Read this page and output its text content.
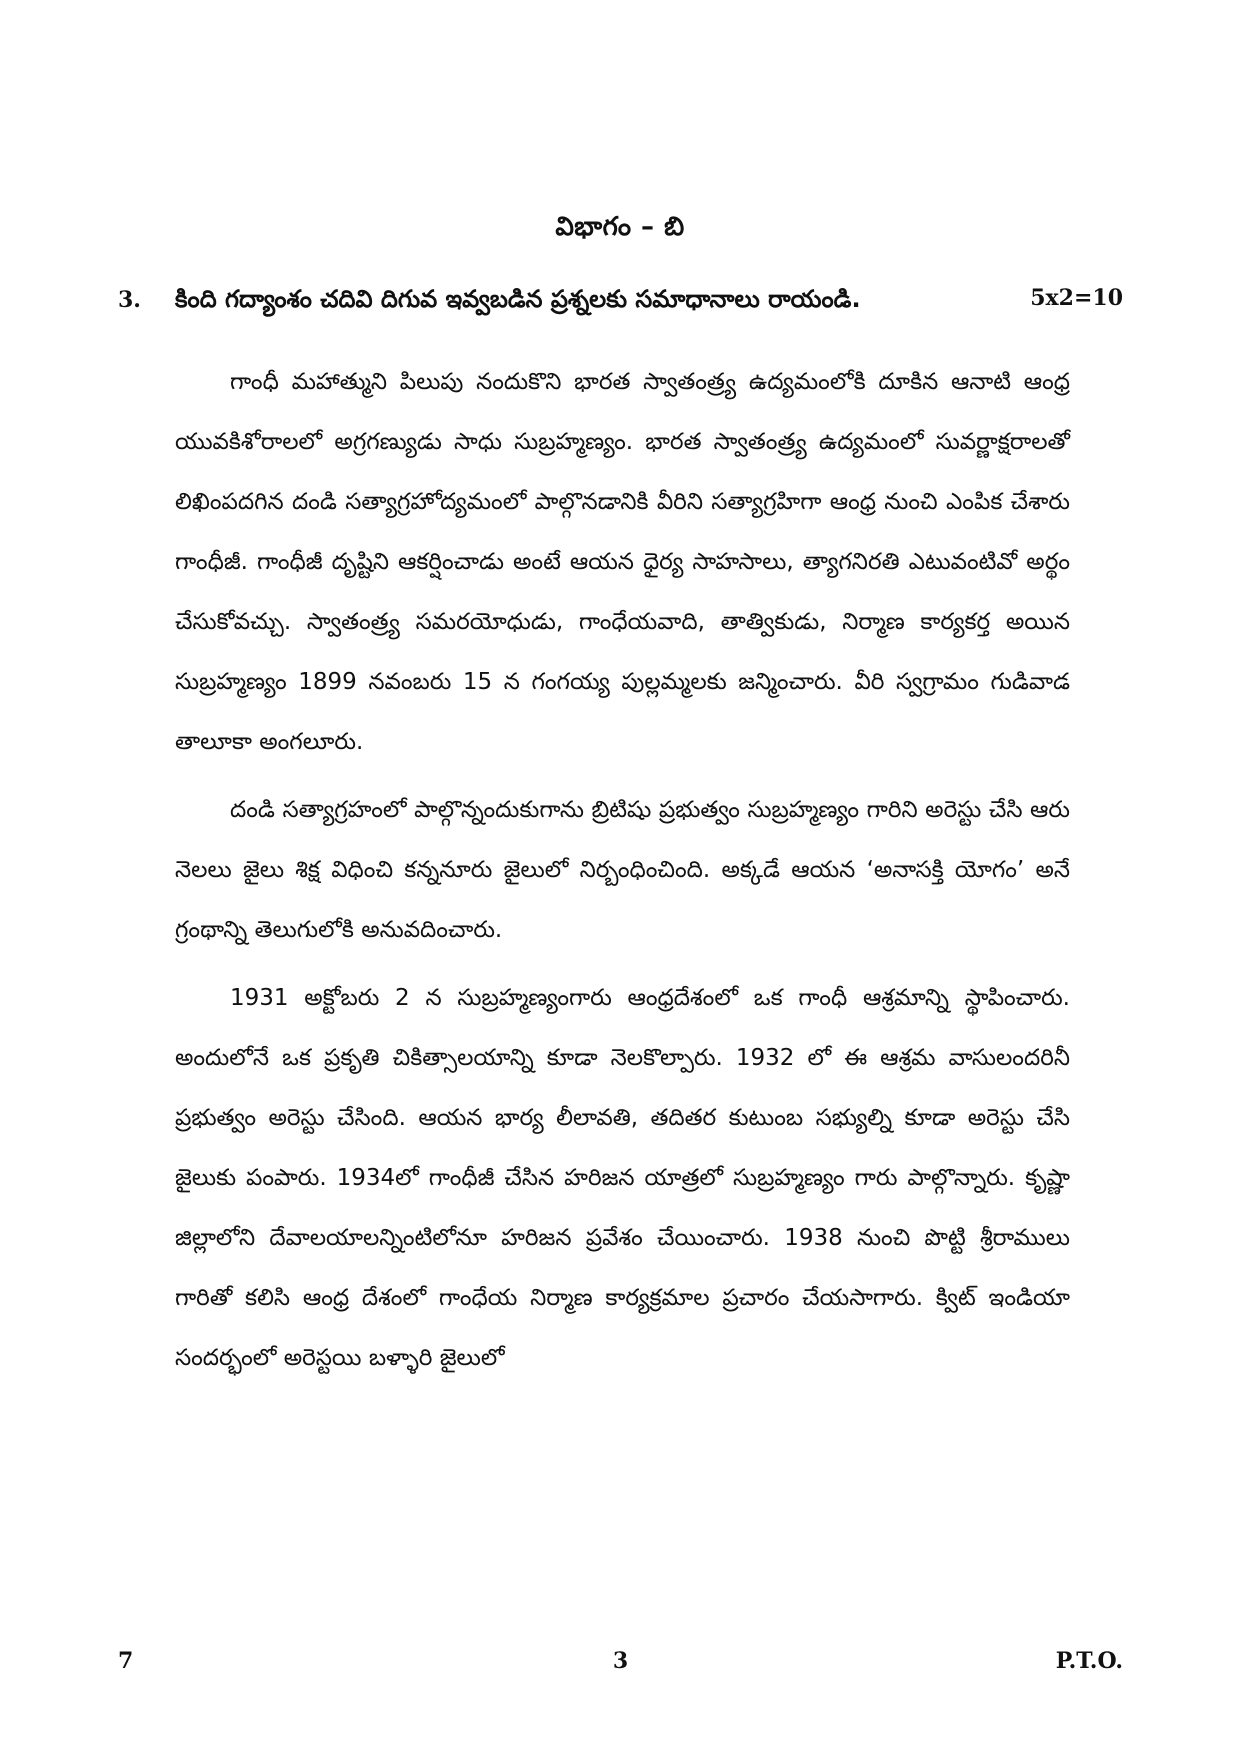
విభాగం – బి
3. కింది గద్యాంశం చదివి దిగువ ఇవ్వబడిన ప్రశ్నలకు సమాధానాలు రాయండి.	5x2=10

గాంధీ మహాత్ముని పిలుపు నందుకొని భారత స్వాతంత్ర్య ఉద్యమంలోకి దూకిన ఆనాటి ఆంధ్ర యువకిశోరాలలో అగ్రగణ్యుడు సాధు సుబ్రహ్మణ్యం. భారత స్వాతంత్ర్య ఉద్యమంలో సువర్ణాక్షరాలతో లిఖింపదగిన దండి సత్యాగ్రహోద్యమంలో పాల్గొనడానికి వీరిని సత్యాగ్రహిగా ఆంధ్ర నుంచి ఎంపిక చేశారు గాంధీజీ. గాంధీజీ దృష్టిని ఆకర్షించాడు అంటే ఆయన ధైర్య సాహసాలు, త్యాగనిరతి ఎటువంటివో అర్థం చేసుకోవచ్చు. స్వాతంత్ర్య సమరయోధుడు, గాంధేయవాది, తాత్వికుడు, నిర్మాణ కార్యకర్త అయిన సుబ్రహ్మణ్యం 1899 నవంబరు 15 న గంగయ్య పుల్లమ్మలకు జన్మించారు. వీరి స్వగ్రామం గుడివాడ తాలూకా అంగలూరు.

దండి సత్యాగ్రహంలో పాల్గొన్నందుకుగాను బ్రిటిషు ప్రభుత్వం సుబ్రహ్మణ్యం గారిని అరెస్టు చేసి ఆరు నెలలు జైలు శిక్ష విధించి కన్ననూరు జైలులో నిర్బంధించింది. అక్కడే ఆయన ‘అనాసక్తి యోగం’ అనే గ్రంథాన్ని తెలుగులోకి అనువదించారు.

1931 అక్టోబరు 2 న సుబ్రహ్మణ్యంగారు ఆంధ్రదేశంలో ఒక గాంధీ ఆశ్రమాన్ని స్థాపించారు. అందులోనే ఒక ప్రకృతి చికిత్సాలయాన్ని కూడా నెలకొల్పారు. 1932 లో ఈ ఆశ్రమ వాసులందరినీ ప్రభుత్వం అరెస్టు చేసింది. ఆయన భార్య లీలావతి, తదితర కుటుంబ సభ్యుల్ని కూడా అరెస్టు చేసి జైలుకు పంపారు. 1934లో గాంధీజీ చేసిన హరిజన యాత్రలో సుబ్రహ్మణ్యం గారు పాల్గొన్నారు. కృష్ణా జిల్లాలోని దేవాలయాలన్నింటిలోనూ హరిజన ప్రవేశం చేయించారు. 1938 నుంచి పొట్టి శ్రీరాములు గారితో కలిసి ఆంధ్ర దేశంలో గాంధేయ నిర్మాణ కార్యక్రమాల ప్రచారం చేయసాగారు. క్విట్ ఇండియా సందర్భంలో అరెస్టయి బళ్ళారి జైలులో

7	3	P.T.O.
